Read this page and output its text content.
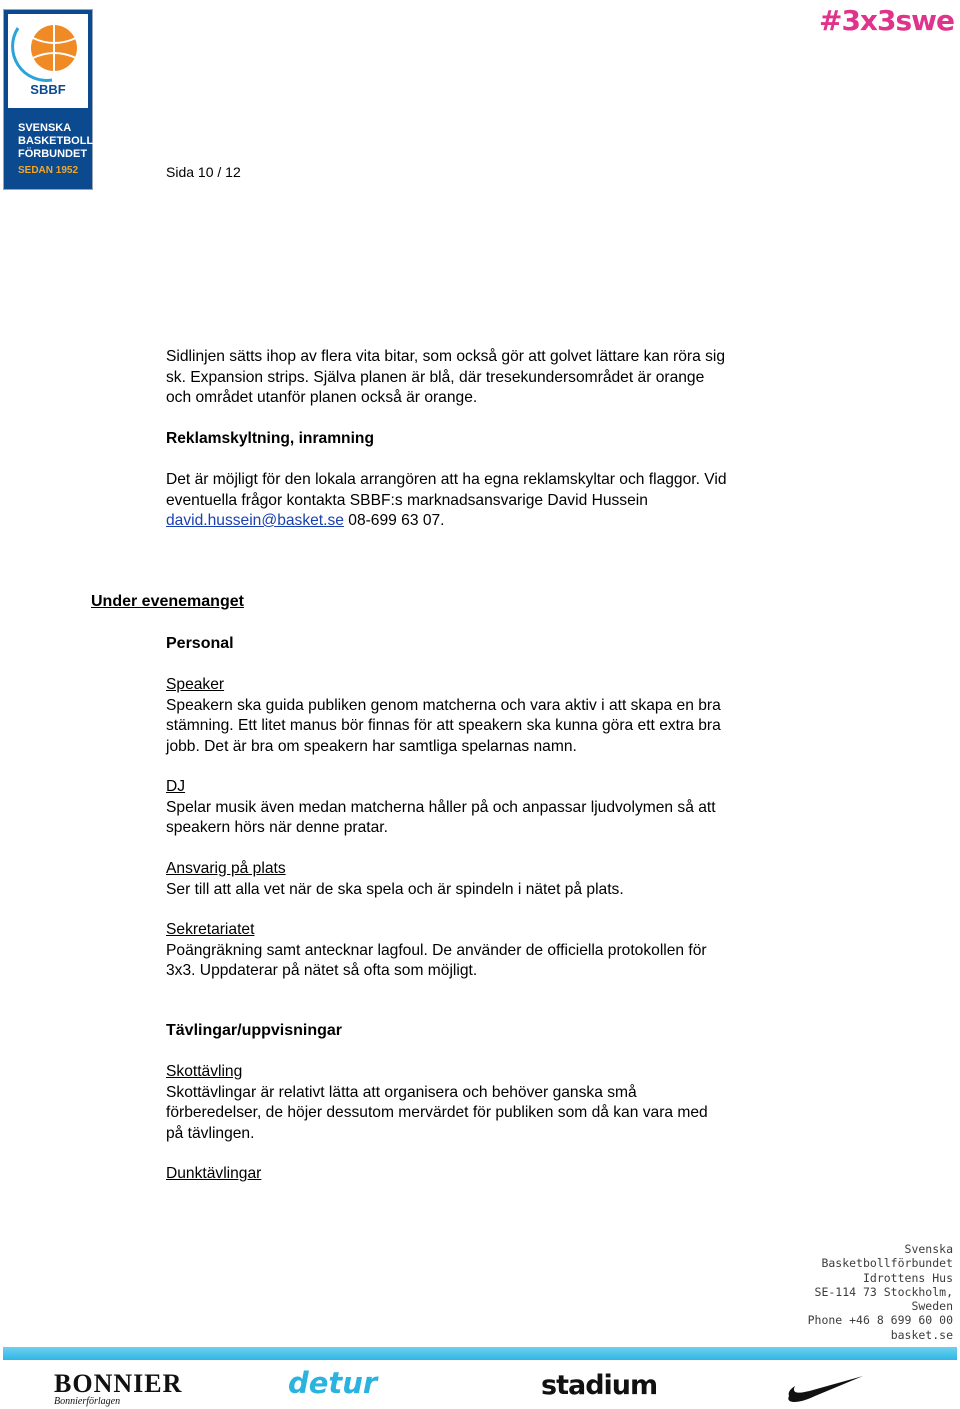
SBBF
SVENSKA
BASKETBOLL
FÖRBUNDET
SEDAN 1952
#3x3swe
Sida 10 / 12
Sidlinjen sätts ihop av flera vita bitar, som också gör att golvet lättare kan röra sig
sk. Expansion strips. Själva planen är blå, där tresekundersområdet är orange
och området utanför planen också är orange.
Reklamskyltning, inramning
Det är möjligt för den lokala arrangören att ha egna reklamskyltar och flaggor. Vid
eventuella frågor kontakta SBBF:s marknadsansvarige David Hussein
david.hussein@basket.se 08-699 63 07.
Under evenemanget
Personal
Speaker
Speakern ska guida publiken genom matcherna och vara aktiv i att skapa en bra
stämning. Ett litet manus bör finnas för att speakern ska kunna göra ett extra bra
jobb. Det är bra om speakern har samtliga spelarnas namn.
DJ
Spelar musik även medan matcherna håller på och anpassar ljudvolymen så att
speakern hörs när denne pratar.
Ansvarig på plats
Ser till att alla vet när de ska spela och är spindeln i nätet på plats.
Sekretariatet
Poängräkning samt antecknar lagfoul. De använder de officiella protokollen för
3x3. Uppdaterar på nätet så ofta som möjligt.
Tävlingar/uppvisningar
Skottävling
Skottävlingar är relativt lätta att organisera och behöver ganska små
förberedelser, de höjer dessutom mervärdet för publiken som då kan vara med
på tävlingen.
Dunktävlingar
Svenska
Basketbollförbundet
Idrottens Hus
SE-114 73 Stockholm,
Sweden
Phone +46 8 699 60 00
basket.se
BONNIER
Bonnierförlagen
detur	stadium
